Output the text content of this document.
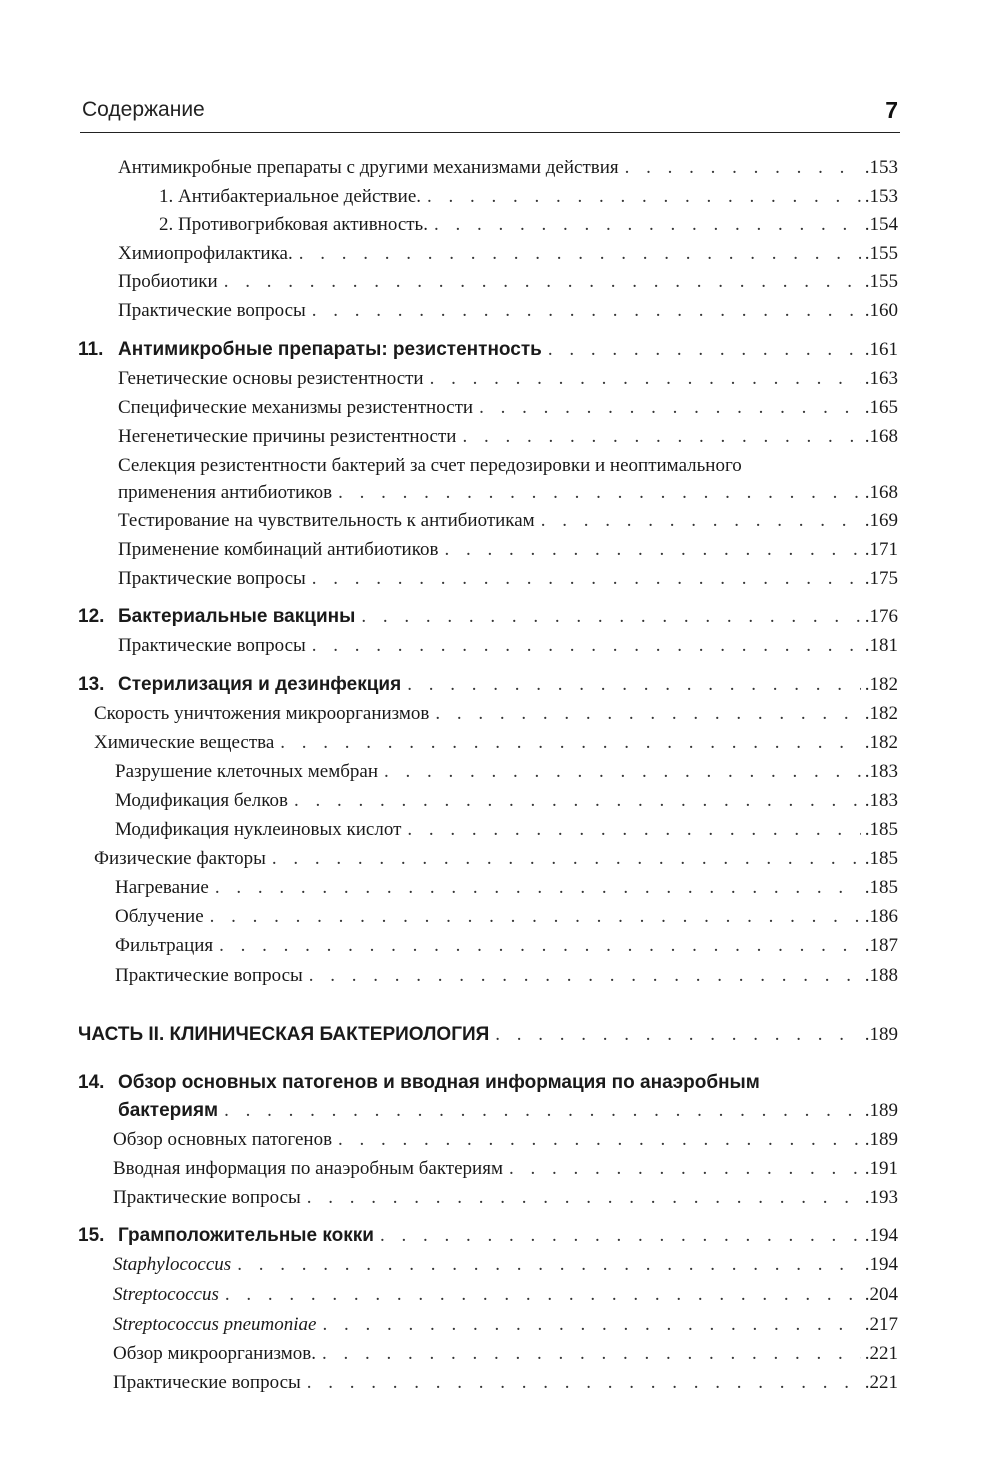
Содержание	7
Антимикробные препараты с другими механизмами действия . . .	.153
1. Антибактериальное действие. . . .	.153
2. Противогрибковая активность. . . .	.154
Химиопрофилактика. . . .	.155
Пробиотики . . .	.155
Практические вопросы . . .	.160
11. Антимикробные препараты: резистентность . . .	.161
Генетические основы резистентности . . .	.163
Специфические механизмы резистентности . . .	.165
Негенетические причины резистентности . . .	.168
Селекция резистентности бактерий за счет передозировки и неоптимального
применения антибиотиков . . .	.168
Тестирование на чувствительность к антибиотикам . . .	.169
Применение комбинаций антибиотиков . . .	.171
Практические вопросы . . .	.175
12. Бактериальные вакцины . . .	.176
Практические вопросы . . .	.181
13. Стерилизация и дезинфекция . . .	.182
Скорость уничтожения микроорганизмов . . .	.182
Химические вещества . . .	.182
Разрушение клеточных мембран . . .	.183
Модификация белков . . .	.183
Модификация нуклеиновых кислот . . .	.185
Физические факторы . . .	.185
Нагревание . . .	.185
Облучение . . .	.186
Фильтрация . . .	.187
Практические вопросы . . .	.188
ЧАСТЬ II. КЛИНИЧЕСКАЯ БАКТЕРИОЛОГИЯ . . .	.189
14. Обзор основных патогенов и вводная информация по анаэробным
бактериям . . .	.189
Обзор основных патогенов . . .	.189
Вводная информация по анаэробным бактериям . . .	.191
Практические вопросы . . .	.193
15. Грамположительные кокки . . .	.194
Staphylococcus . . .	.194
Streptococcus . . .	.204
Streptococcus pneumoniae . . .	.217
Обзор микроорганизмов. . . .	.221
Практические вопросы . . .	.221
